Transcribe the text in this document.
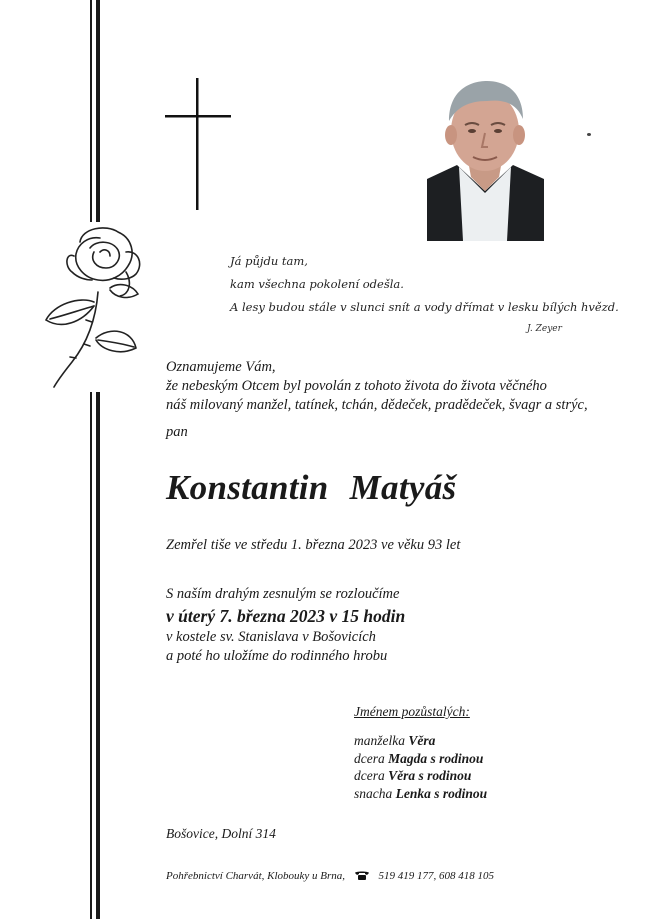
Já půjdu tam,
kam všechna pokolení odešla.
A lesy budou stále v slunci snít a vody dřímat v lesku bílých hvězd.
J. Zeyer
Oznamujeme Vám,
že nebeským Otcem byl povolán z tohoto života do života věčného
náš milovaný manžel, tatínek, tchán, dědeček, pradědeček, švagr a strýc,
pan
Konstantin Matyáš
Zemřel tiše ve středu 1. března 2023 ve věku 93 let
S naším drahým zesnulým se rozloučíme
v úterý 7. března 2023 v 15 hodin
v kostele sv. Stanislava v Bošovicích
a poté ho uložíme do rodinného hrobu
Jménem pozůstalých:
manželka Věra
dcera Magda s rodinou
dcera Věra s rodinou
snacha Lenka s rodinou
Bošovice, Dolní 314
Pohřebnictví Charvát, Klobouky u Brna,	519 419 177, 608 418 105
